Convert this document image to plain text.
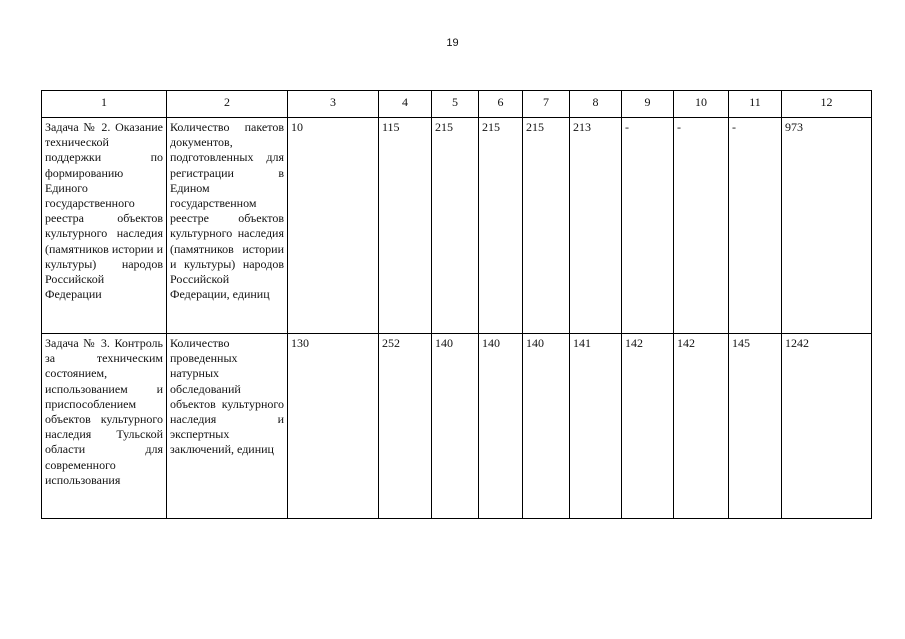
19
1	2	3	4	5	6	7	8	9	10	11	12
Задача № 2. Оказание технической поддержки по формированию Единого государственного реестра объектов культурного наследия (памятников истории и культуры) народов Российской Федерации	Количество пакетов документов, подготовленных для регистрации в Едином государственном реестре объектов культурного наследия (памятников истории и культуры) народов Российской Федерации, единиц	10	115	215	215	215	213	-	-	-	973
Задача № 3. Контроль за техническим состоянием, использованием и приспособлением объектов культурного наследия Тульской области для современного использования	Количество проведенных натурных обследований объектов культурного наследия и экспертных заключений, единиц	130	252	140	140	140	141	142	142	145	1242
